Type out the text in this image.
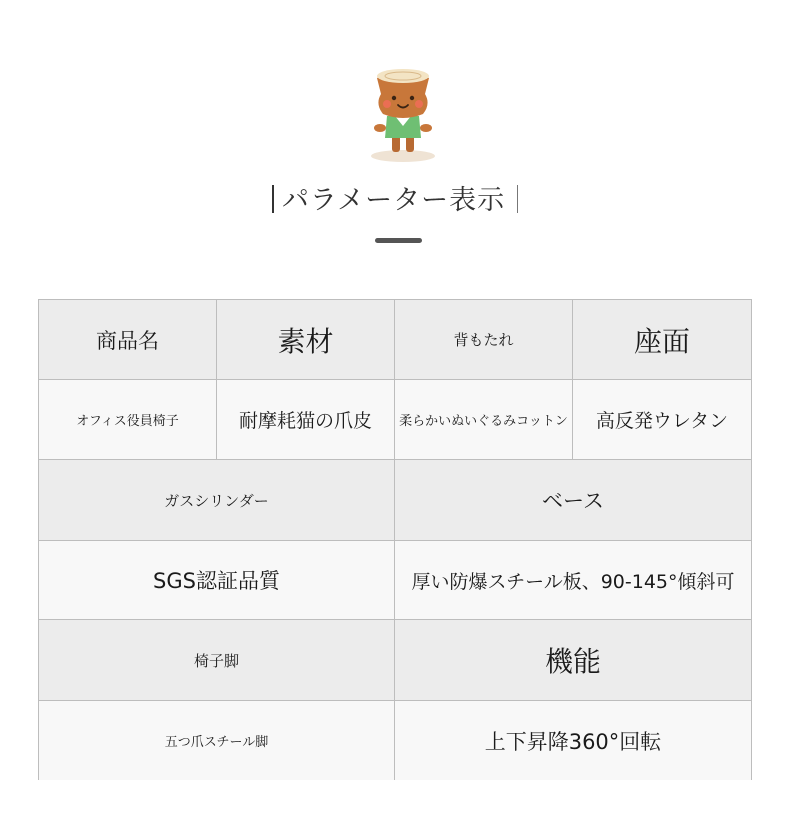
パラメーター表示
商品名	素材	背もたれ	座面
オフィス役員椅子	耐摩耗猫の爪皮	柔らかいぬいぐるみコットン	高反発ウレタン
ガスシリンダー	ベース
SGS認証品質	厚い防爆スチール板、90-145°傾斜可
椅子脚	機能
五つ爪スチール脚	上下昇降360°回転
